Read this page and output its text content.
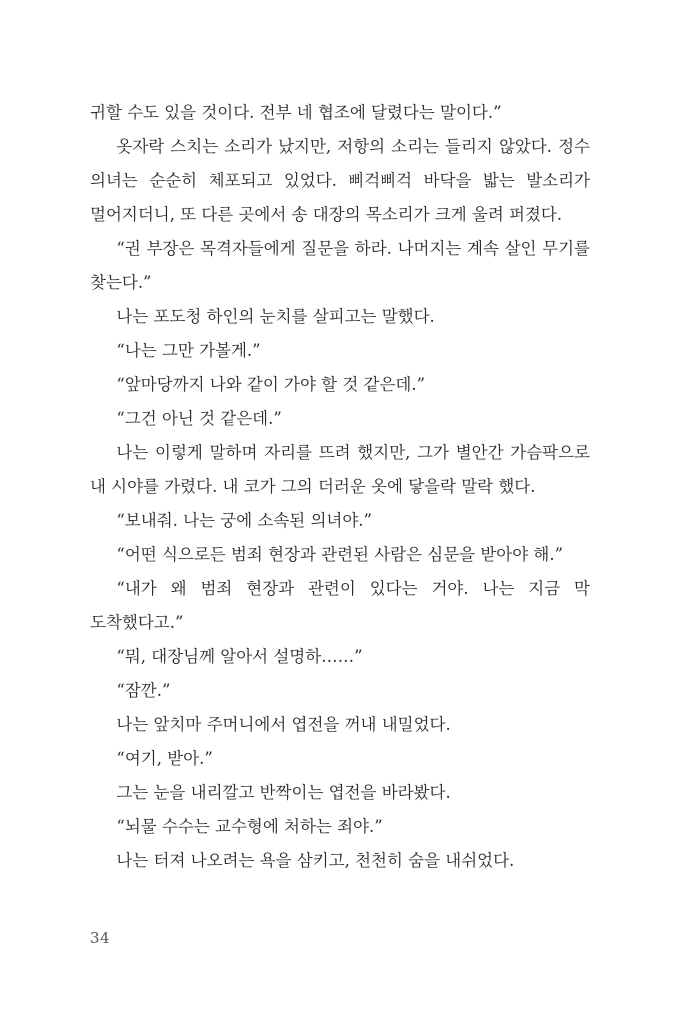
귀할 수도 있을 것이다. 전부 네 협조에 달렸다는 말이다.”

옷자락 스치는 소리가 났지만, 저항의 소리는 들리지 않았다. 정수 의녀는 순순히 체포되고 있었다. 삐걱삐걱 바닥을 밟는 발소리가 멀어지더니, 또 다른 곳에서 송 대장의 목소리가 크게 울려 퍼졌다.

“권 부장은 목격자들에게 질문을 하라. 나머지는 계속 살인 무기를 찾는다.”

나는 포도청 하인의 눈치를 살피고는 말했다.

“나는 그만 가볼게.”

“앞마당까지 나와 같이 가야 할 것 같은데.”

“그건 아닌 것 같은데.”

나는 이렇게 말하며 자리를 뜨려 했지만, 그가 별안간 가슴팍으로 내 시야를 가렸다. 내 코가 그의 더러운 옷에 닿을락 말락 했다.

“보내줘. 나는 궁에 소속된 의녀야.”

“어떤 식으로든 범죄 현장과 관련된 사람은 심문을 받아야 해.”

“내가 왜 범죄 현장과 관련이 있다는 거야. 나는 지금 막 도착했다고.”

“뭐, 대장님께 알아서 설명하……”

“잠깐.”

나는 앞치마 주머니에서 엽전을 꺼내 내밀었다.

“여기, 받아.”

그는 눈을 내리깔고 반짝이는 엽전을 바라봤다.

“뇌물 수수는 교수형에 처하는 죄야.”

나는 터져 나오려는 욕을 삼키고, 천천히 숨을 내쉬었다.

34
